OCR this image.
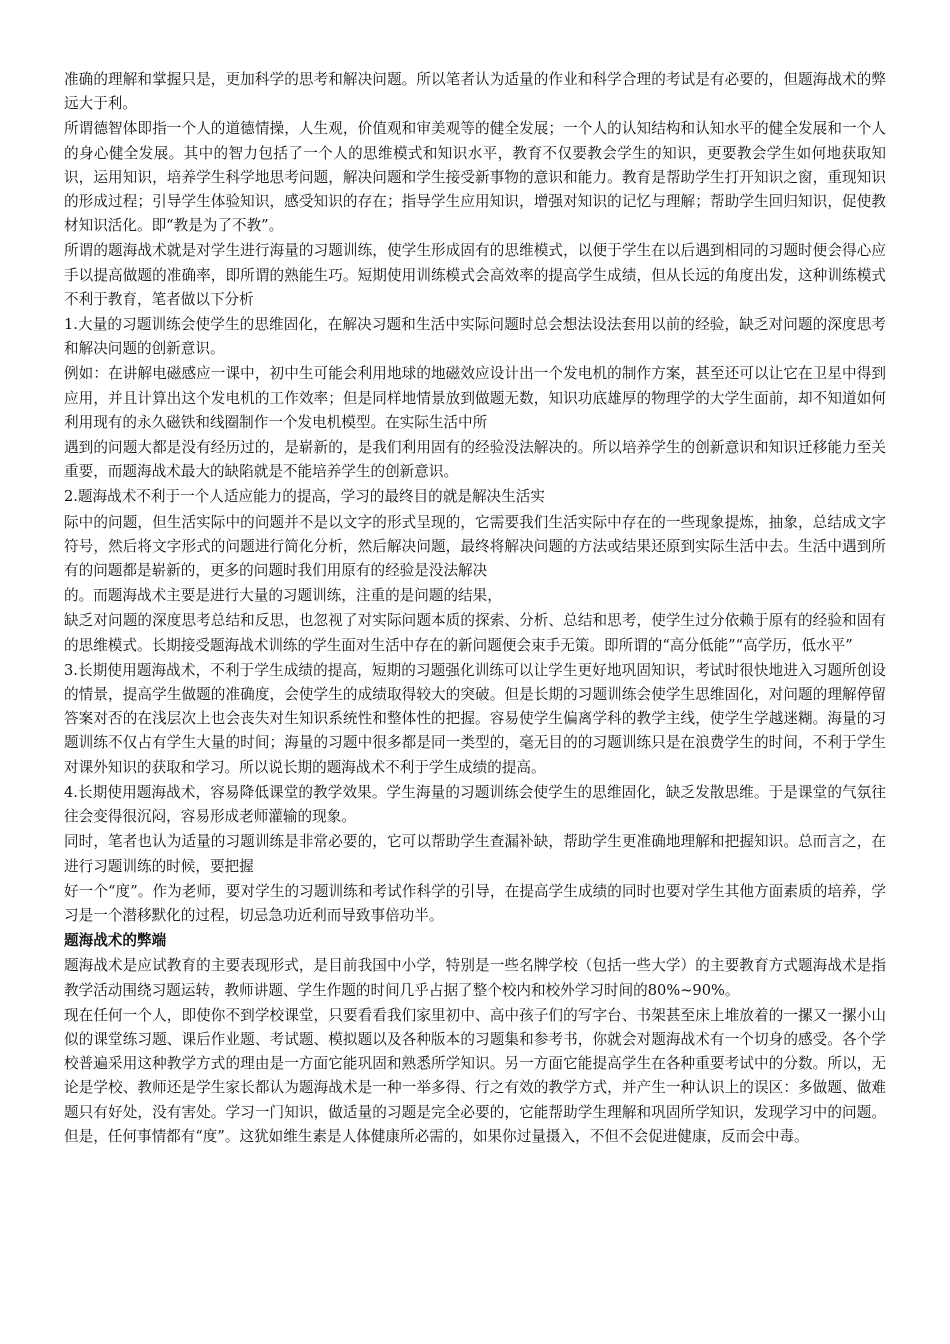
准确的理解和掌握只是，更加科学的思考和解决问题。所以笔者认为适量的作业和科学合理的考试是有必要的，但题海战术的弊远大于利。

所谓德智体即指一个人的道德情操，人生观，价值观和审美观等的健全发展；一个人的认知结构和认知水平的健全发展和一个人的身心健全发展。其中的智力包括了一个人的思维模式和知识水平，教育不仅要教会学生的知识，更要教会学生如何地获取知识，运用知识，培养学生科学地思考问题，解决问题和学生接受新事物的意识和能力。教育是帮助学生打开知识之窗，重现知识的形成过程；引导学生体验知识，感受知识的存在；指导学生应用知识，增强对知识的记忆与理解；帮助学生回归知识，促使教材知识活化。即“教是为了不教”。

所谓的题海战术就是对学生进行海量的习题训练，使学生形成固有的思维模式，以便于学生在以后遇到相同的习题时便会得心应手以提高做题的准确率，即所谓的熟能生巧。短期使用训练模式会高效率的提高学生成绩，但从长远的角度出发，这种训练模式不利于教育，笔者做以下分析

1.大量的习题训练会使学生的思维固化，在解决习题和生活中实际问题时总会想法设法套用以前的经验，缺乏对问题的深度思考和解决问题的创新意识。

例如：在讲解电磁感应一课中，初中生可能会利用地球的地磁效应设计出一个发电机的制作方案，甚至还可以让它在卫星中得到应用，并且计算出这个发电机的工作效率；但是同样地情景放到做题无数，知识功底雄厚的物理学的大学生面前，却不知道如何利用现有的永久磁铁和线圈制作一个发电机模型。在实际生活中所

遇到的问题大都是没有经历过的，是崭新的，是我们利用固有的经验没法解决的。所以培养学生的创新意识和知识迁移能力至关重要，而题海战术最大的缺陷就是不能培养学生的创新意识。

2.题海战术不利于一个人适应能力的提高，学习的最终目的就是解决生活实

际中的问题，但生活实际中的问题并不是以文字的形式呈现的，它需要我们生活实际中存在的一些现象提炼，抽象，总结成文字符号，然后将文字形式的问题进行简化分析，然后解决问题，最终将解决问题的方法或结果还原到实际生活中去。生活中遇到所有的问题都是崭新的，更多的问题时我们用原有的经验是没法解决

的。而题海战术主要是进行大量的习题训练，注重的是问题的结果，

缺乏对问题的深度思考总结和反思，也忽视了对实际问题本质的探索、分析、总结和思考，使学生过分依赖于原有的经验和固有的思维模式。长期接受题海战术训练的学生面对生活中存在的新问题便会束手无策。即所谓的“高分低能”“高学历，低水平”

3.长期使用题海战术，不利于学生成绩的提高，短期的习题强化训练可以让学生更好地巩固知识，考试时很快地进入习题所创设的情景，提高学生做题的准确度，会使学生的成绩取得较大的突破。但是长期的习题训练会使学生思维固化，对问题的理解停留答案对否的在浅层次上也会丧失对生知识系统性和整体性的把握。容易使学生偏离学科的教学主线，使学生学越迷糊。海量的习题训练不仅占有学生大量的时间；海量的习题中很多都是同一类型的，毫无目的的习题训练只是在浪费学生的时间，不利于学生对课外知识的获取和学习。所以说长期的题海战术不利于学生成绩的提高。

4.长期使用题海战术，容易降低课堂的教学效果。学生海量的习题训练会使学生的思维固化，缺乏发散思维。于是课堂的气氛往往会变得很沉闷，容易形成老师灌输的现象。

同时，笔者也认为适量的习题训练是非常必要的，它可以帮助学生查漏补缺，帮助学生更准确地理解和把握知识。总而言之，在进行习题训练的时候，要把握

好一个“度”。作为老师，要对学生的习题训练和考试作科学的引导，在提高学生成绩的同时也要对学生其他方面素质的培养，学习是一个潜移默化的过程，切忌急功近利而导致事倍功半。

题海战术的弊端

题海战术是应试教育的主要表现形式，是目前我国中小学，特别是一些名牌学校（包括一些大学）的主要教育方式题海战术是指教学活动围绕习题运转，教师讲题、学生作题的时间几乎占据了整个校内和校外学习时间的80%~90%。

现在任何一个人，即使你不到学校课堂，只要看看我们家里初中、高中孩子们的写字台、书架甚至床上堆放着的一摞又一摞小山似的课堂练习题、课后作业题、考试题、模拟题以及各种版本的习题集和参考书，你就会对题海战术有一个切身的感受。各个学校普遍采用这种教学方式的理由是一方面它能巩固和熟悉所学知识。另一方面它能提高学生在各种重要考试中的分数。所以，无论是学校、教师还是学生家长都认为题海战术是一种一举多得、行之有效的教学方式，并产生一种认识上的误区：多做题、做难题只有好处，没有害处。学习一门知识，做适量的习题是完全必要的，它能帮助学生理解和巩固所学知识，发现学习中的问题。但是，任何事情都有“度”。这犹如维生素是人体健康所必需的，如果你过量摄入，不但不会促进健康，反而会中毒。
